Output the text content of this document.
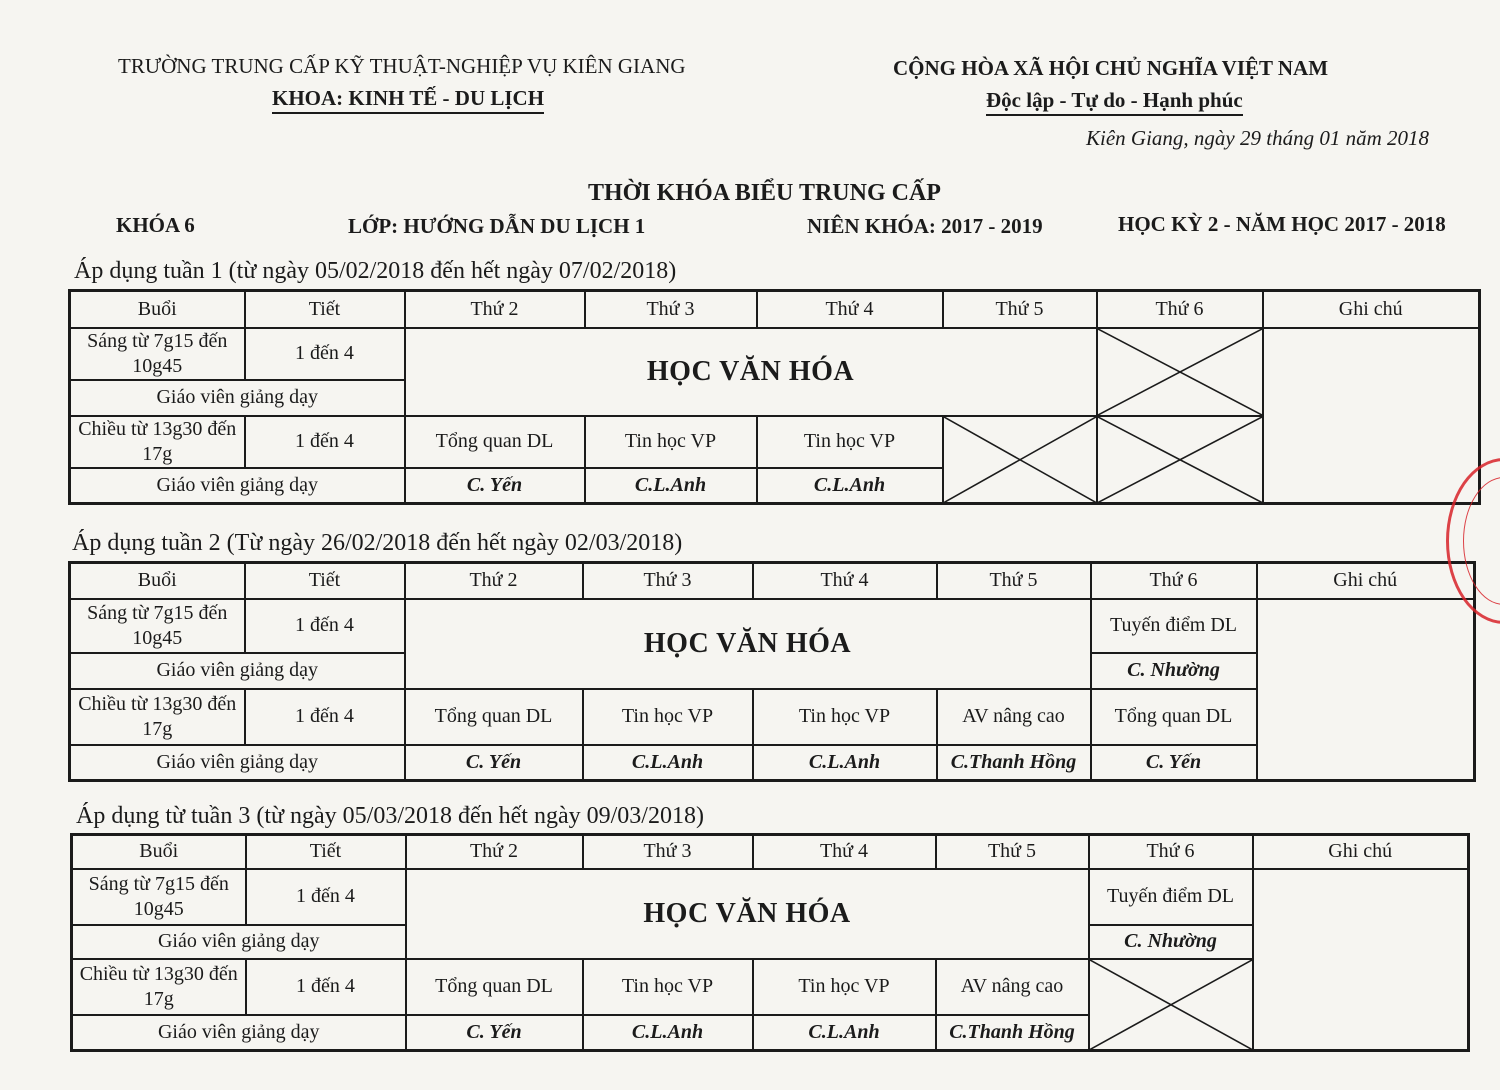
TRƯỜNG TRUNG CẤP KỸ THUẬT-NGHIỆP VỤ KIÊN GIANG
KHOA: KINH TẾ - DU LỊCH
CỘNG HÒA XÃ HỘI CHỦ NGHĨA VIỆT NAM
Độc lập - Tự do - Hạnh phúc
Kiên Giang, ngày 29 tháng 01 năm 2018
THỜI KHÓA BIỂU TRUNG CẤP
KHÓA 6	LỚP: HƯỚNG DẪN DU LỊCH 1	NIÊN KHÓA: 2017 - 2019	HỌC KỲ 2 - NĂM HỌC 2017 - 2018
Áp dụng tuần 1 (từ ngày 05/02/2018 đến hết ngày 07/02/2018)
Buổi	Tiết	Thứ 2	Thứ 3	Thứ 4	Thứ 5	Thứ 6	Ghi chú
Sáng từ 7g15 đến 10g45	1 đến 4	HỌC VĂN HÓA	

Giáo viên giảng dạy							
Chiều từ 13g30 đến 17g	1 đến 4	Tổng quan DL	Tin học VP	Tin học VP	

Giáo viên giảng dạy		C. Yến	C.L.Anh	C.L.Anh			
Áp dụng tuần 2 (Từ ngày 26/02/2018 đến hết ngày 02/03/2018)
Buổi	Tiết	Thứ 2	Thứ 3	Thứ 4	Thứ 5	Thứ 6	Ghi chú
Sáng từ 7g15 đến 10g45	1 đến 4	HỌC VĂN HÓA				Tuyến điểm DL	
Giáo viên giảng dạy						C. Nhường	
Chiều từ 13g30 đến 17g	1 đến 4	Tổng quan DL	Tin học VP	Tin học VP	AV nâng cao	Tổng quan DL	
Giáo viên giảng dạy		C. Yến	C.L.Anh	C.L.Anh	C.Thanh Hồng	C. Yến	
Áp dụng từ tuần 3 (từ ngày 05/03/2018 đến hết ngày 09/03/2018)
Buổi	Tiết	Thứ 2	Thứ 3	Thứ 4	Thứ 5	Thứ 6	Ghi chú
Sáng từ 7g15 đến 10g45	1 đến 4	HỌC VĂN HÓA				Tuyến điểm DL	
Giáo viên giảng dạy						C. Nhường	
Chiều từ 13g30 đến 17g	1 đến 4	Tổng quan DL	Tin học VP	Tin học VP	AV nâng cao	

Giáo viên giảng dạy		C. Yến	C.L.Anh	C.L.Anh	C.Thanh Hồng		
